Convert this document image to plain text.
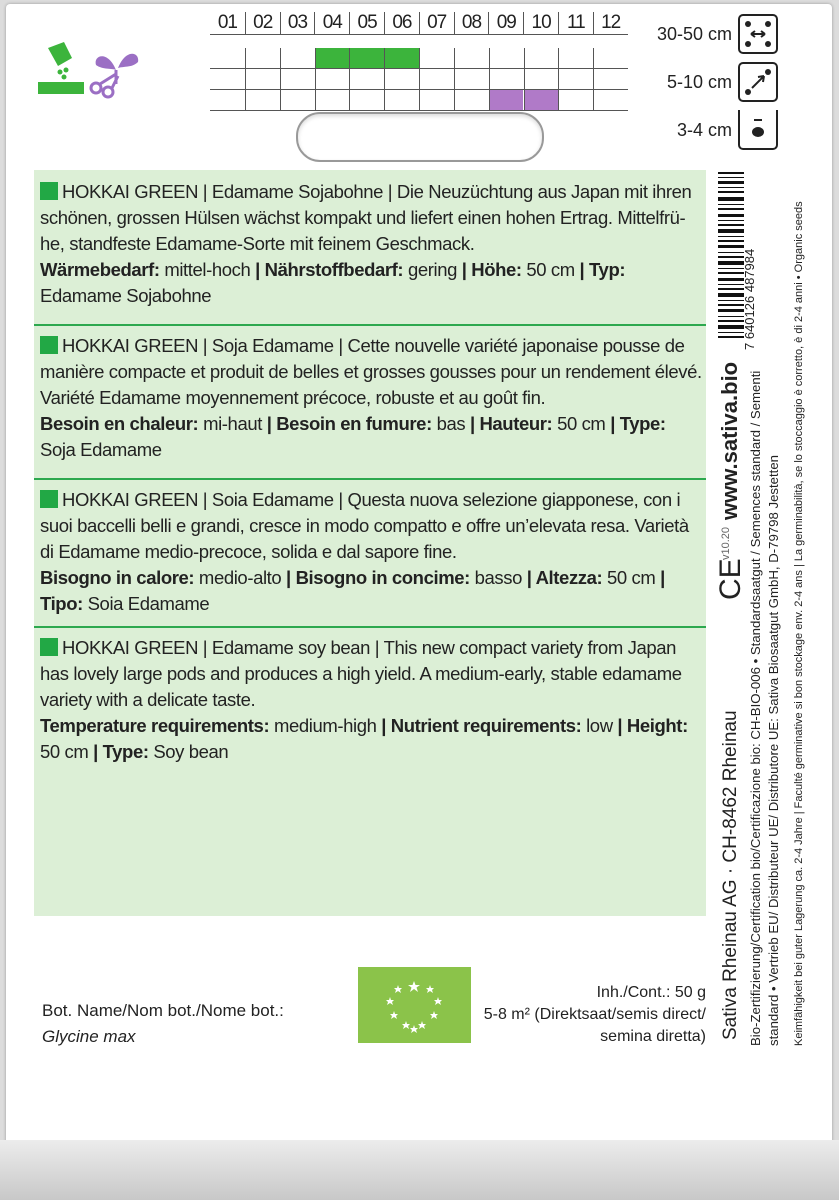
01 02 03 04 05 06 07 08 09 10 11 12
30-50 cm
5-10 cm
3-4 cm

HOKKAI GREEN | Edamame Sojabohne | Die Neuzüchtung aus Japan mit ihren schönen, grossen Hülsen wächst kompakt und liefert einen hohen Ertrag. Mittelfrü-he, standfeste Edamame-Sorte mit feinem Geschmack.

Wärmebedarf: mittel-hoch | Nährstoffbedarf: gering | Höhe: 50 cm | Typ: Edamame Sojabohne

HOKKAI GREEN | Soja Edamame | Cette nouvelle variété japonaise pousse de manière compacte et produit de belles et grosses gousses pour un rendement élevé. Variété Edamame moyennement précoce, robuste et au goût fin.

Besoin en chaleur: mi-haut | Besoin en fumure: bas | Hauteur: 50 cm | Type: Soja Edamame

HOKKAI GREEN | Soia Edamame | Questa nuova selezione giapponese, con i suoi baccelli belli e grandi, cresce in modo compatto e offre un’elevata resa. Varietà di Edamame medio-precoce, solida e dal sapore fine.

Bisogno in calore: medio-alto | Bisogno in concime: basso | Altezza: 50 cm | Tipo: Soia Edamame

HOKKAI GREEN | Edamame soy bean | This new compact variety from Japan has lovely large pods and produces a high yield. A medium-early, stable edamame variety with a delicate taste.

Temperature requirements: medium-high | Nutrient requirements: low | Height: 50 cm | Type: Soy bean

Bot. Name/Nom bot./Nome bot.:
Glycine max
Inh./Cont.: 50 g
5-8 m² (Direktsaat/semis direct/
semina diretta)
www.sativa.bio
v10.20
CE
7 640126 487984
Sativa Rheinau AG · CH-8462 Rheinau Bio-Zertifizierung/Certification bio/Certificazione bio: CH-BIO-006 • Standardsaatgut / Semences standard / Sementi standard • Vertrieb EU/ Distributeur UE/ Distributore UE: Sativa Biosaatgut GmbH, D-79798 Jestetten Keimfähigkeit bei guter Lagerung ca. 2-4 Jahre | Faculté germinative si bon stockage env. 2-4 ans | La germinabilità, se lo stoccaggio è corretto, è di 2-4 anni • Organic seeds
